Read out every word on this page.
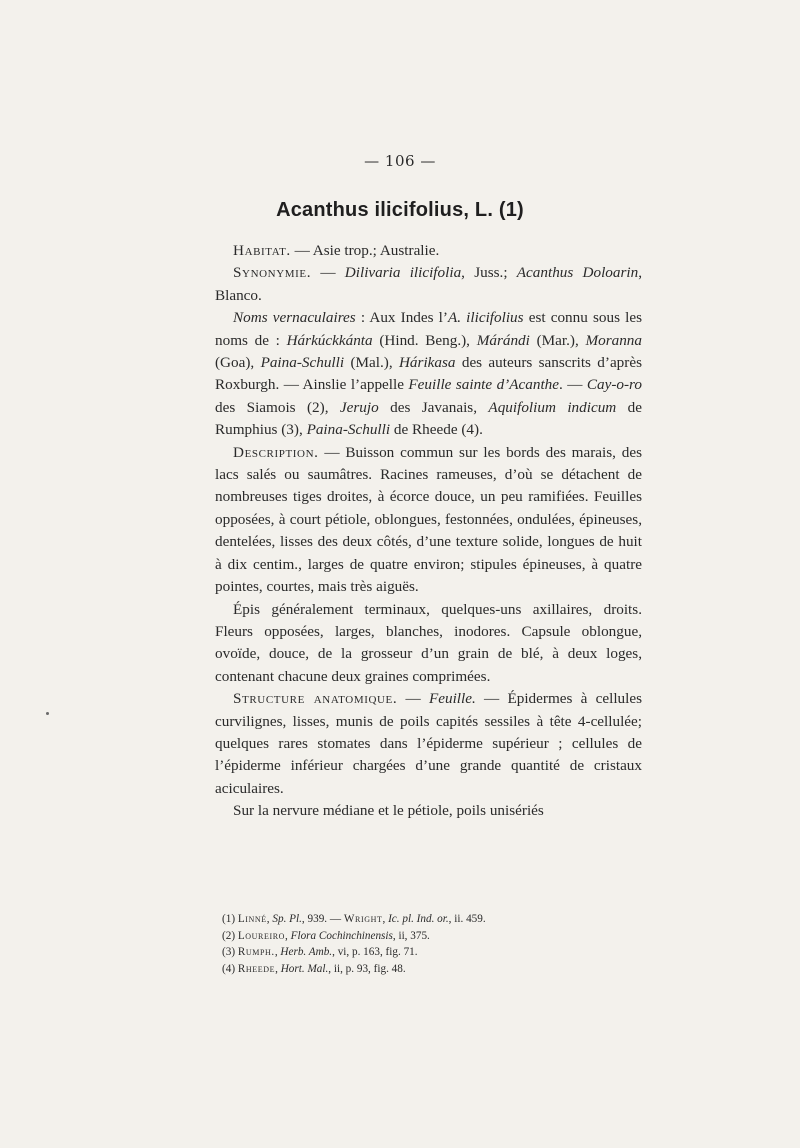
— 106 —
Acanthus ilicifolius, L. (1)

Habitat. — Asie trop.; Australie.

Synonymie. — Dilivaria ilicifolia, Juss.; Acanthus Doloarin, Blanco.

Noms vernaculaires : Aux Indes l’A. ilicifolius est connu sous les noms de : Hárkúckkánta (Hind. Beng.), Márándi (Mar.), Moranna (Goa), Paina-Schulli (Mal.), Hárikasa des auteurs sanscrits d’après Roxburgh. — Ainslie l’appelle Feuille sainte d’Acanthe. — Cay-o-ro des Siamois (2), Jerujo des Javanais, Aquifolium indicum de Rumphius (3), Paina-Schulli de Rheede (4).

Description. — Buisson commun sur les bords des marais, des lacs salés ou saumâtres. Racines rameuses, d’où se détachent de nombreuses tiges droites, à écorce douce, un peu ramifiées. Feuilles opposées, à court pétiole, oblongues, festonnées, ondulées, épineuses, dentelées, lisses des deux côtés, d’une texture solide, longues de huit à dix centim., larges de quatre environ; stipules épineuses, à quatre pointes, courtes, mais très aiguës.

Épis généralement terminaux, quelques-uns axillaires, droits. Fleurs opposées, larges, blanches, inodores. Capsule oblongue, ovoïde, douce, de la grosseur d’un grain de blé, à deux loges, contenant chacune deux graines comprimées.

Structure anatomique. — Feuille. — Épidermes à cellules curvilignes, lisses, munis de poils capités sessiles à tête 4-cellulée; quelques rares stomates dans l’épiderme supérieur ; cellules de l’épiderme inférieur chargées d’une grande quantité de cristaux aciculaires.

Sur la nervure médiane et le pétiole, poils unisériés

(1) Linné, Sp. Pl., 939. — Wright, Ic. pl. Ind. or., ii. 459.
(2) Loureiro, Flora Cochinchinensis, ii, 375.
(3) Rumph., Herb. Amb., vi, p. 163, fig. 71.
(4) Rheede, Hort. Mal., ii, p. 93, fig. 48.
